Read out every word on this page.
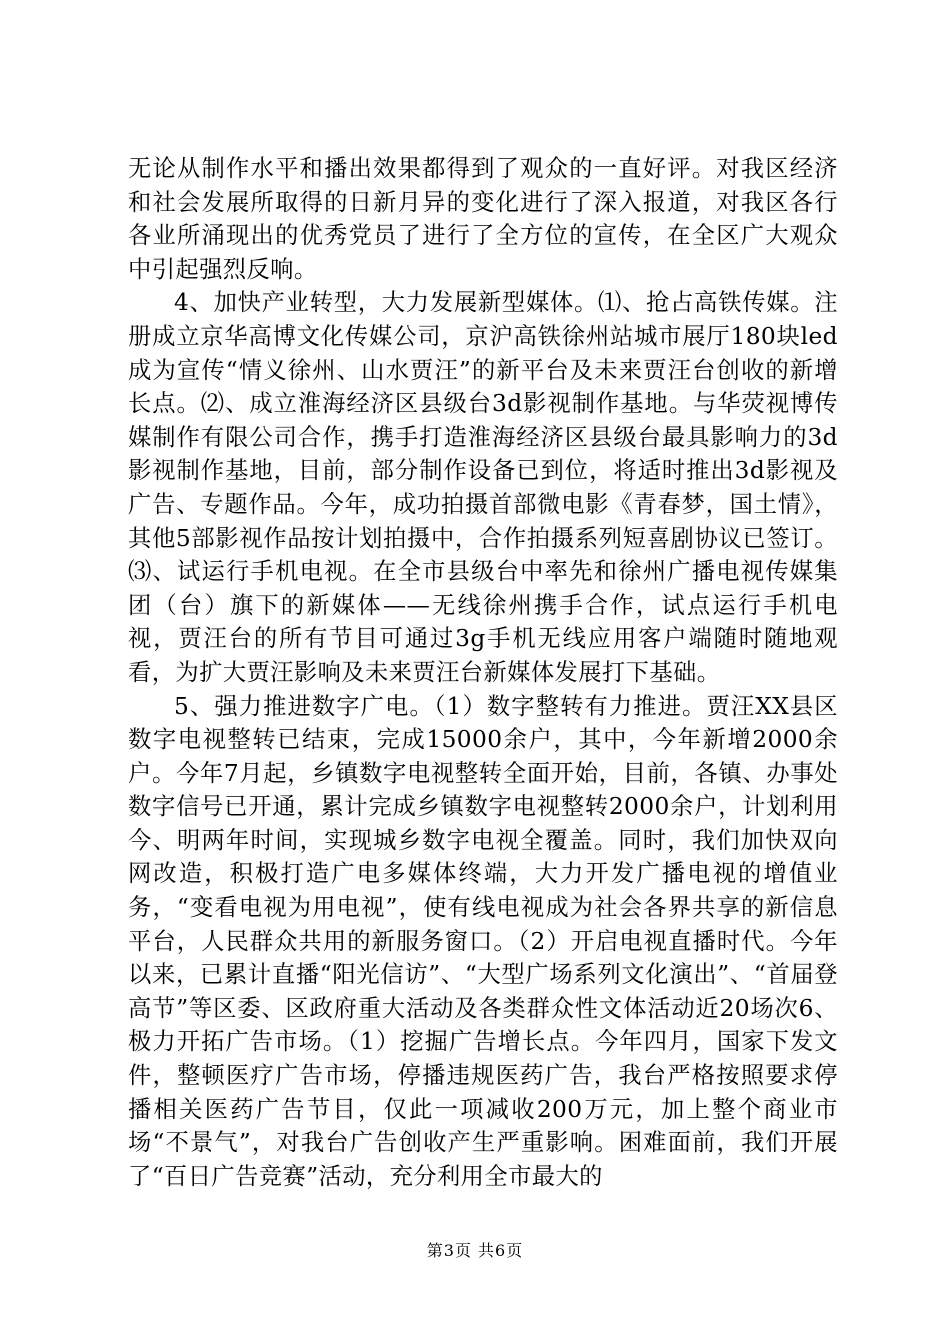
无论从制作水平和播出效果都得到了观众的一直好评。对我区经济和社会发展所取得的日新月异的变化进行了深入报道，对我区各行各业所涌现出的优秀党员了进行了全方位的宣传，在全区广大观众中引起强烈反响。

4、加快产业转型，大力发展新型媒体。⑴、抢占高铁传媒。注册成立京华高博文化传媒公司，京沪高铁徐州站城市展厅180块led成为宣传“情义徐州、山水贾汪”的新平台及未来贾汪台创收的新增长点。⑵、成立淮海经济区县级台3d影视制作基地。与华荧视博传媒制作有限公司合作，携手打造淮海经济区县级台最具影响力的3d影视制作基地，目前，部分制作设备已到位，将适时推出3d影视及广告、专题作品。今年，成功拍摄首部微电影《青春梦，国土情》，其他5部影视作品按计划拍摄中，合作拍摄系列短喜剧协议已签订。⑶、试运行手机电视。在全市县级台中率先和徐州广播电视传媒集团（台）旗下的新媒体——无线徐州携手合作，试点运行手机电视，贾汪台的所有节目可通过3g手机无线应用客户端随时随地观看，为扩大贾汪影响及未来贾汪台新媒体发展打下基础。

5、强力推进数字广电。（1）数字整转有力推进。贾汪XX县区数字电视整转已结束，完成15000余户，其中，今年新增2000余户。今年7月起，乡镇数字电视整转全面开始，目前，各镇、办事处数字信号已开通，累计完成乡镇数字电视整转2000余户，计划利用今、明两年时间，实现城乡数字电视全覆盖。同时，我们加快双向网改造，积极打造广电多媒体终端，大力开发广播电视的增值业务，“变看电视为用电视”，使有线电视成为社会各界共享的新信息平台，人民群众共用的新服务窗口。（2）开启电视直播时代。今年以来，已累计直播“阳光信访”、“大型广场系列文化演出”、“首届登高节”等区委、区政府重大活动及各类群众性文体活动近20场次6、极力开拓广告市场。（1）挖掘广告增长点。今年四月，国家下发文件，整顿医疗广告市场，停播违规医药广告，我台严格按照要求停播相关医药广告节目，仅此一项减收200万元，加上整个商业市场“不景气”，对我台广告创收产生严重影响。困难面前，我们开展了“百日广告竞赛”活动，充分利用全市最大的

第3页 共6页
